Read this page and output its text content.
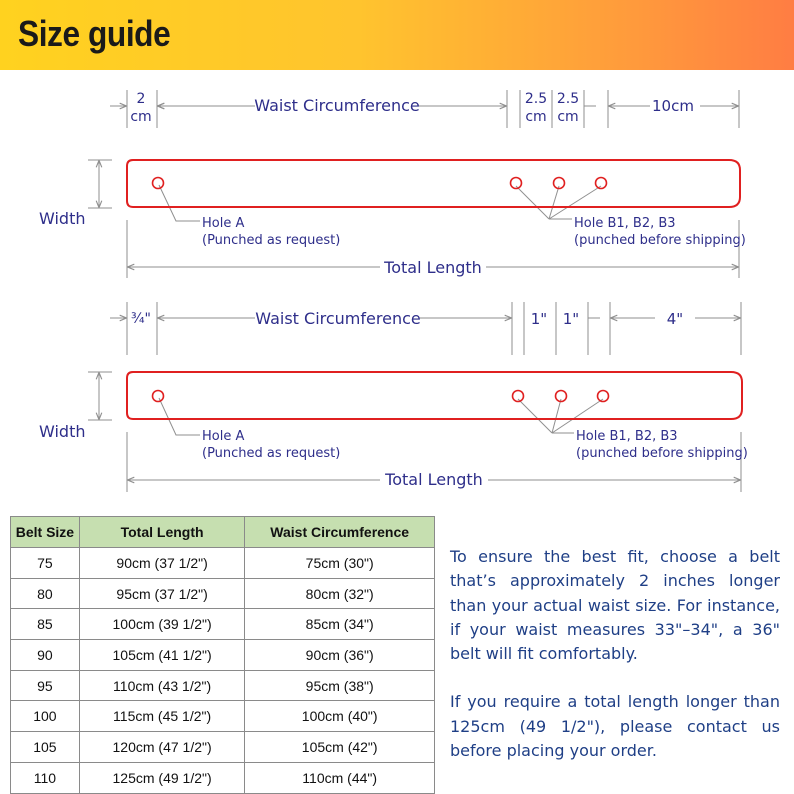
Size guide
2
cm
Waist Circumference	2.5
cm
2.5
cm
10cm
Width	Hole A
(Punched as request)
Hole B1, B2, B3
(punched before shipping)
Total Length
¾"	Waist Circumference	1" 1"	4"
Width	Hole A
(Punched as request)
Hole B1, B2, B3
(punched before shipping)
Total Length
Belt Size	Total Length	Waist Circumference
75	90cm (37 1/2")	75cm (30")
80	95cm (37 1/2")	80cm (32")
85	100cm (39 1/2")	85cm (34")
90	105cm (41 1/2")	90cm (36")
95	110cm (43 1/2")	95cm (38")
100	115cm (45 1/2")	100cm (40")
105	120cm (47 1/2")	105cm (42")
110	125cm (49 1/2")	110cm (44")

To ensure the best fit, choose a belt that’s approximately 2 inches longer than your actual waist size. For instance, if your waist measures 33"–34", a 36" belt will fit comfortably.

If you require a total length longer than 125cm (49 1/2"), please contact us before placing your order.
